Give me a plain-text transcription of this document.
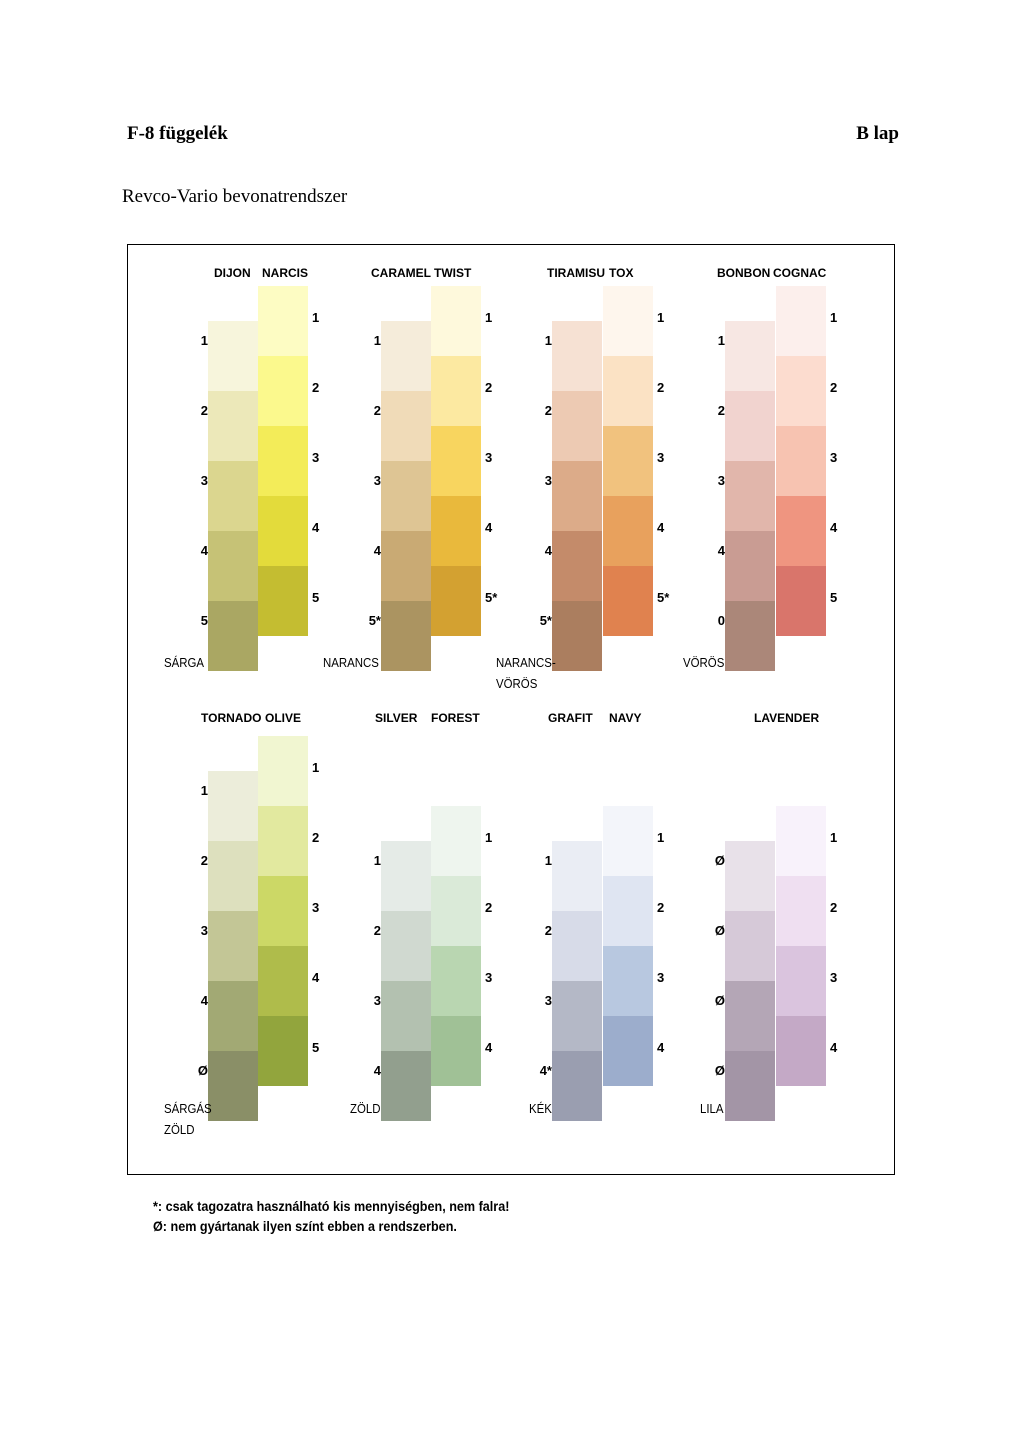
F-8 függelék	B lap
Revco-Vario bevonatrendszer
*: csak tagozatra használható kis mennyiségben, nem falra!
Ø: nem gyártanak ilyen színt ebben a rendszerben.
DIJON NARCIS
1
2
3
4
5
1
2
3
4
5
SÁRGA
CARAMEL TWIST
1
2
3
4
5*
1
2
3
4
5*
NARANCS
TIRAMISU TOX
1
2
3
4
5*
1
2
3
4
5*
NARANCS-
VÖRÖS
BONBON COGNAC
1
2
3
4
0
1
2
3
4
5
VÖRÖS
TORNADO OLIVE
1
2
3
4
Ø
1
2
3
4
5
SÁRGÁS
ZÖLD
SILVER FOREST
1
2
3
4
1
2
3
4
ZÖLD
GRAFIT NAVY
1
2
3
4*
1
2
3
4
KÉK
LAVENDER
Ø
Ø
Ø
Ø
1
2
3
4
LILA
